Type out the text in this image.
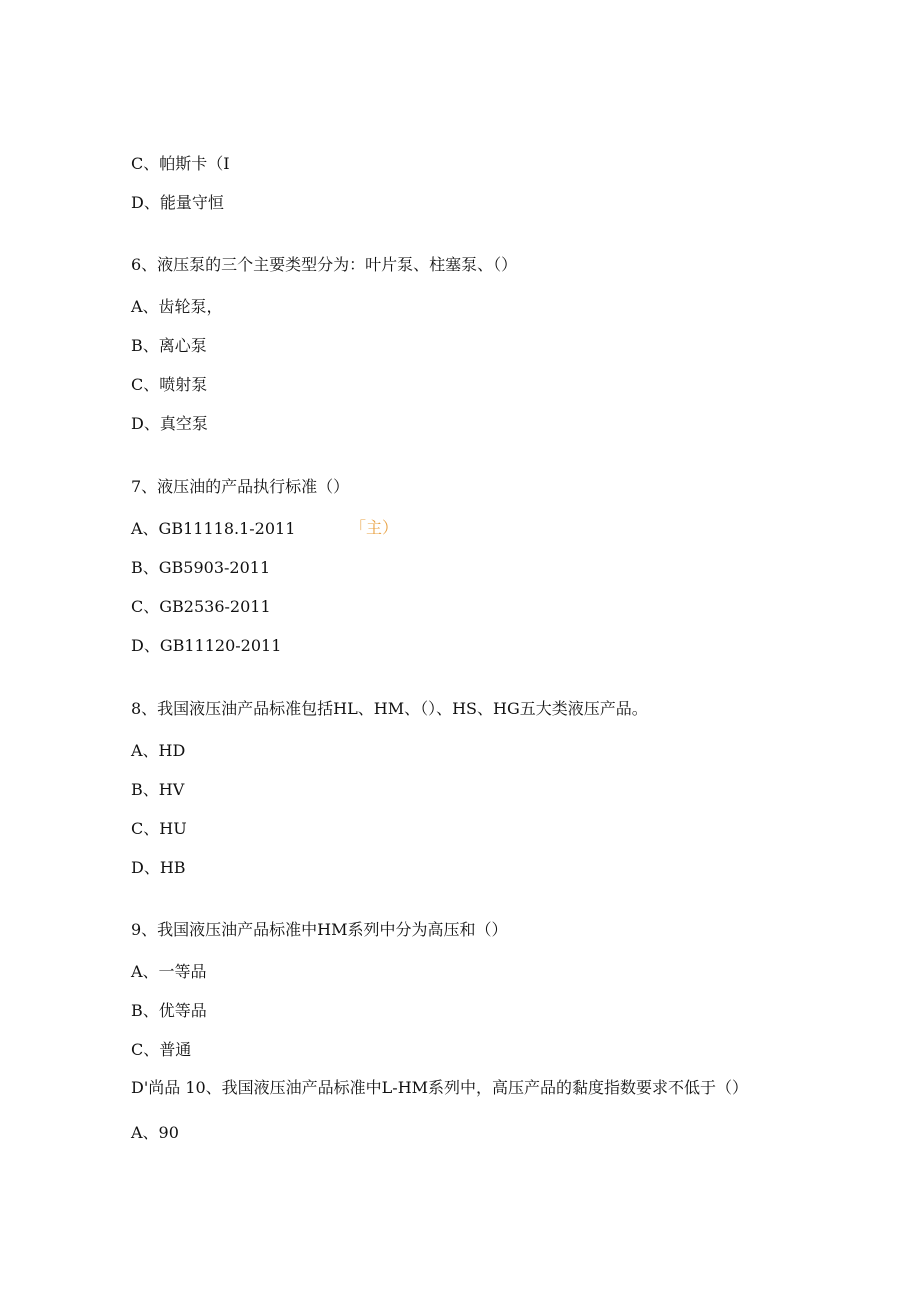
C、帕斯卡（I

D、能量守恒

6、液压泵的三个主要类型分为：叶片泵、柱塞泵、（）

A、齿轮泵，

B、离心泵

C、喷射泵

D、真空泵

7、液压油的产品执行标准（）

A、GB11118.1-2011	「主）

B、GB5903-2011

C、GB2536-2011

D、GB11120-2011

8、我国液压油产品标准包括HL、HM、（）、HS、HG五大类液压产品。

A、HD

B、HV

C、HU

D、HB

9、我国液压油产品标准中HM系列中分为高压和（）

A、一等品

B、优等品

C、普通

D'尚品 10、我国液压油产品标准中L-HM系列中，高压产品的黏度指数要求不低于（）

A、90
